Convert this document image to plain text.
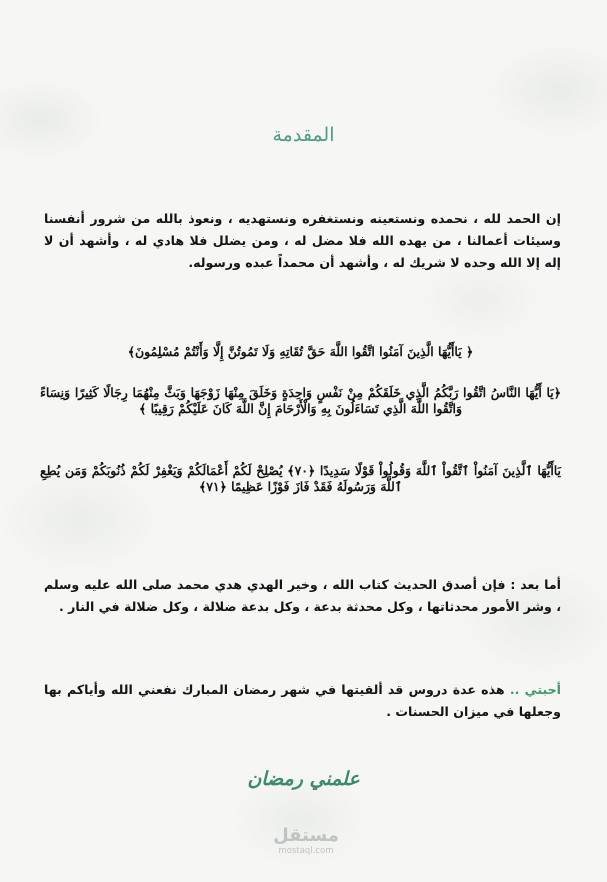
المقدمة

إن الحمد لله ، نحمده ونستعينه ونستغفره ونستهديه ، ونعوذ بالله من شرور أنفسنا وسيئات أعمالنا ، من يهده الله فلا مضل له ، ومن يضلل فلا هادي له ، وأشهد أن لا إله إلا الله وحده لا شريك له ، وأشهد أن محمداً عبده ورسوله.

﴿ يَاأَيُّهَا الَّذِينَ آمَنُوا اتَّقُوا اللَّهَ حَقَّ تُقَاتِهِ وَلَا تَمُوتُنَّ إِلَّا وَأَنْتُمْ مُسْلِمُونَ﴾

﴿يَا أَيُّهَا النَّاسُ اتَّقُوا رَبَّكُمُ الَّذِي خَلَقَكُمْ مِنْ نَفْسٍ وَاحِدَةٍ وَخَلَقَ مِنْهَا زَوْجَهَا وَبَثَّ مِنْهُمَا رِجَالًا كَثِيرًا وَنِسَاءً وَاتَّقُوا اللَّهَ الَّذِي تَسَاءَلُونَ بِهِ وَالْأَرْحَامَ إِنَّ اللَّهَ كَانَ عَلَيْكُمْ رَقِيبًا ﴾

يَاأَيُّهَا ٱلَّذِينَ آمَنُواْ ٱتَّقُواْ ٱللَّهَ وَقُولُواْ قَوْلًا سَدِيدًا ﴿٧٠﴾ يُصْلِحْ لَكُمْ أَعْمَالَكُمْ وَيَغْفِرْ لَكُمْ ذُنُوبَكُمْ وَمَن يُطِعِ ٱللَّهَ وَرَسُولَهُ فَقَدْ فَازَ فَوْزًا عَظِيمًا ﴿٧١﴾

أما بعد : فإن أصدق الحديث كتاب الله ، وخير الهدي هدي محمد صلى الله عليه وسلم ، وشر الأمور محدثاتها ، وكل محدثة بدعة ، وكل بدعة ضلالة ، وكل ضلالة في النار .

أحبتي .. هذه عدة دروس قد ألقيتها في شهر رمضان المبارك نفعني الله وأياكم بها وجعلها في ميزان الحسنات .

علمني رمضان

مستقل
mostaql.com
